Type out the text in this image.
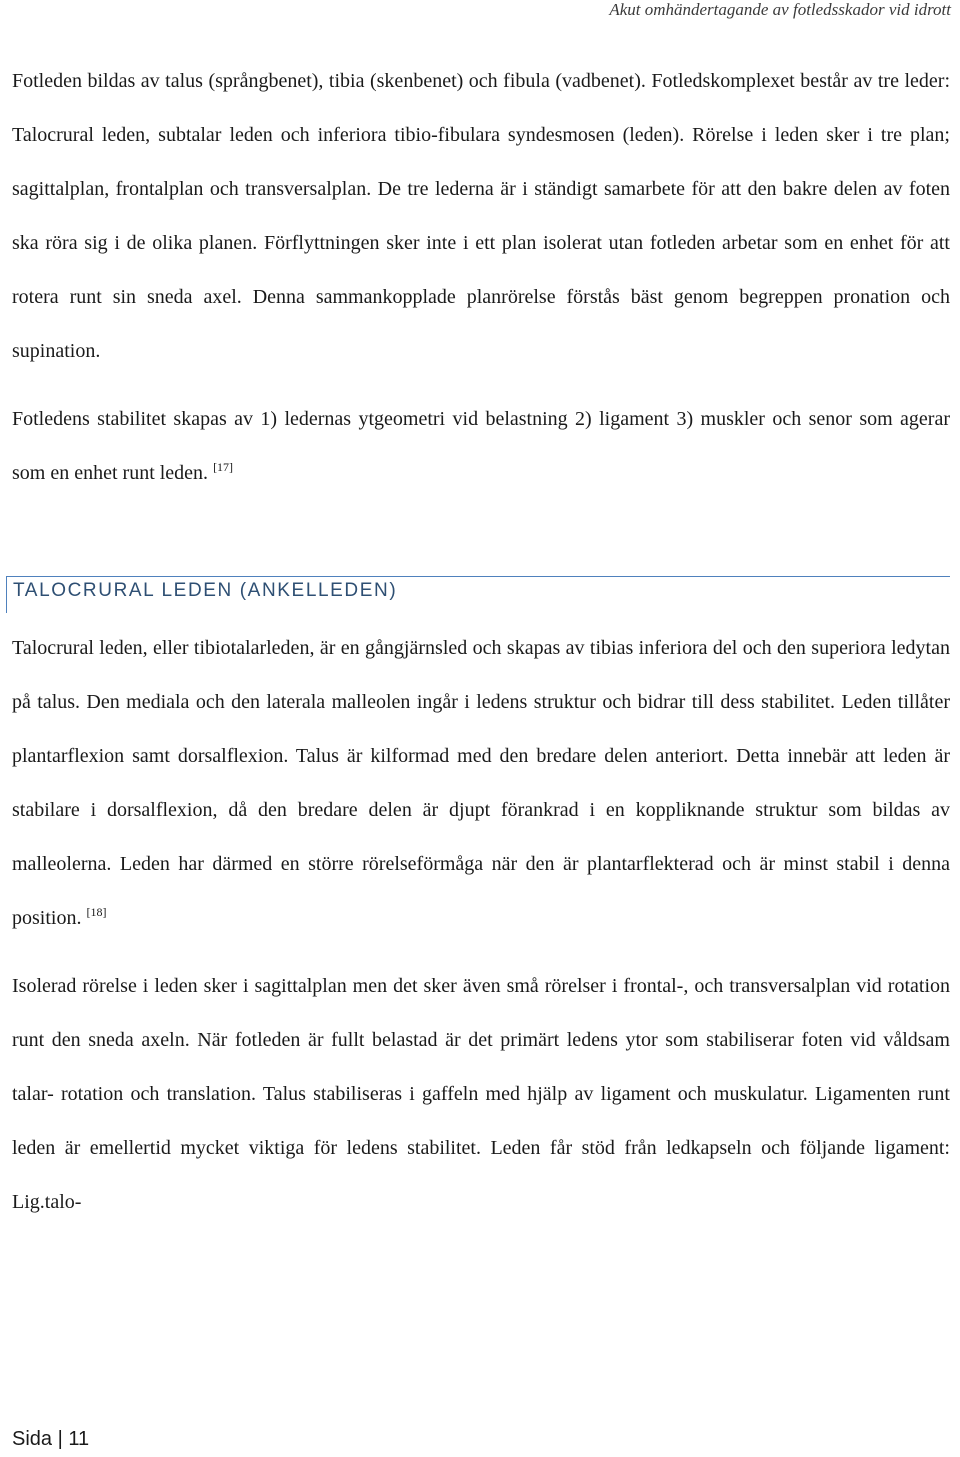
Akut omhändertagande av fotledsskador vid idrott

Fotleden bildas av talus (språngbenet), tibia (skenbenet) och fibula (vadbenet). Fotledskomplexet består av tre leder: Talocrural leden, subtalar leden och inferiora tibio-fibulara syndesmosen (leden). Rörelse i leden sker i tre plan; sagittalplan, frontalplan och transversalplan. De tre lederna är i ständigt samarbete för att den bakre delen av foten ska röra sig i de olika planen. Förflyttningen sker inte i ett plan isolerat utan fotleden arbetar som en enhet för att rotera runt sin sneda axel. Denna sammankopplade planrörelse förstås bäst genom begreppen pronation och supination.

Fotledens stabilitet skapas av 1) ledernas ytgeometri vid belastning 2) ligament 3) muskler och senor som agerar som en enhet runt leden. [17]

TALOCRURAL LEDEN (ANKELLEDEN)

Talocrural leden, eller tibiotalarleden, är en gångjärnsled och skapas av tibias inferiora del och den superiora ledytan på talus. Den mediala och den laterala malleolen ingår i ledens struktur och bidrar till dess stabilitet. Leden tillåter plantarflexion samt dorsalflexion. Talus är kilformad med den bredare delen anteriort. Detta innebär att leden är stabilare i dorsalflexion, då den bredare delen är djupt förankrad i en koppliknande struktur som bildas av malleolerna. Leden har därmed en större rörelseförmåga när den är plantarflekterad och är minst stabil i denna position. [18]

Isolerad rörelse i leden sker i sagittalplan men det sker även små rörelser i frontal-, och transversalplan vid rotation runt den sneda axeln. När fotleden är fullt belastad är det primärt ledens ytor som stabiliserar foten vid våldsam talar- rotation och translation. Talus stabiliseras i gaffeln med hjälp av ligament och muskulatur. Ligamenten runt leden är emellertid mycket viktiga för ledens stabilitet. Leden får stöd från ledkapseln och följande ligament: Lig.talo-

Sida | 11
